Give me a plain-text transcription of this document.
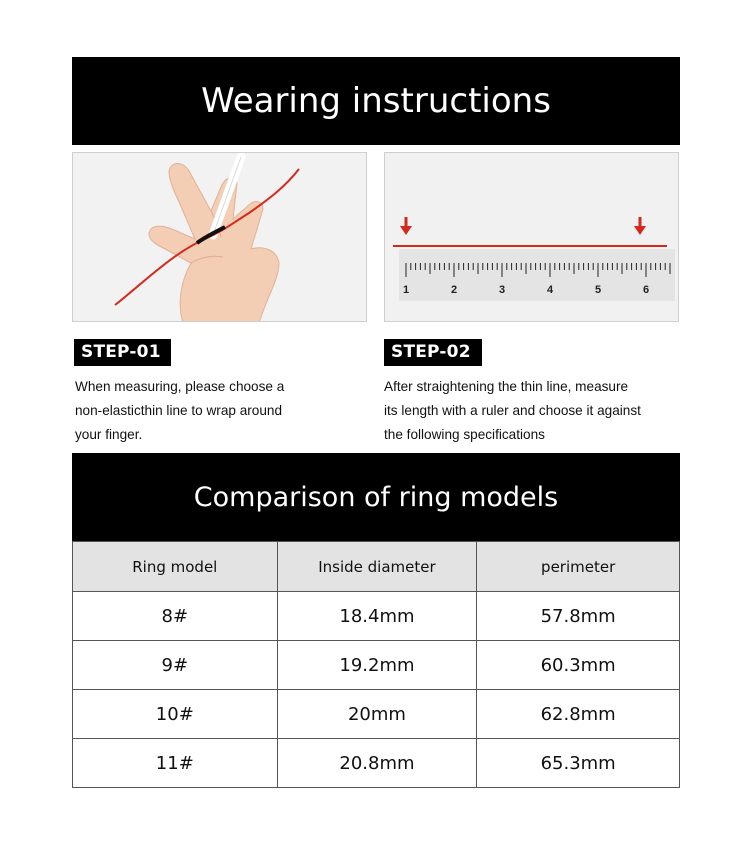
Wearing instructions
1	2	3	4	5	6
STEP-01	STEP-02
When measuring, please choose a
non-elasticthin line to wrap around
your finger.
After straightening the thin line, measure
its length with a ruler and choose it against
the following specifications
Comparison of ring models
Ring model	Inside diameter	perimeter
8#	18.4mm	57.8mm
9#	19.2mm	60.3mm
10#	20mm	62.8mm
11#	20.8mm	65.3mm
